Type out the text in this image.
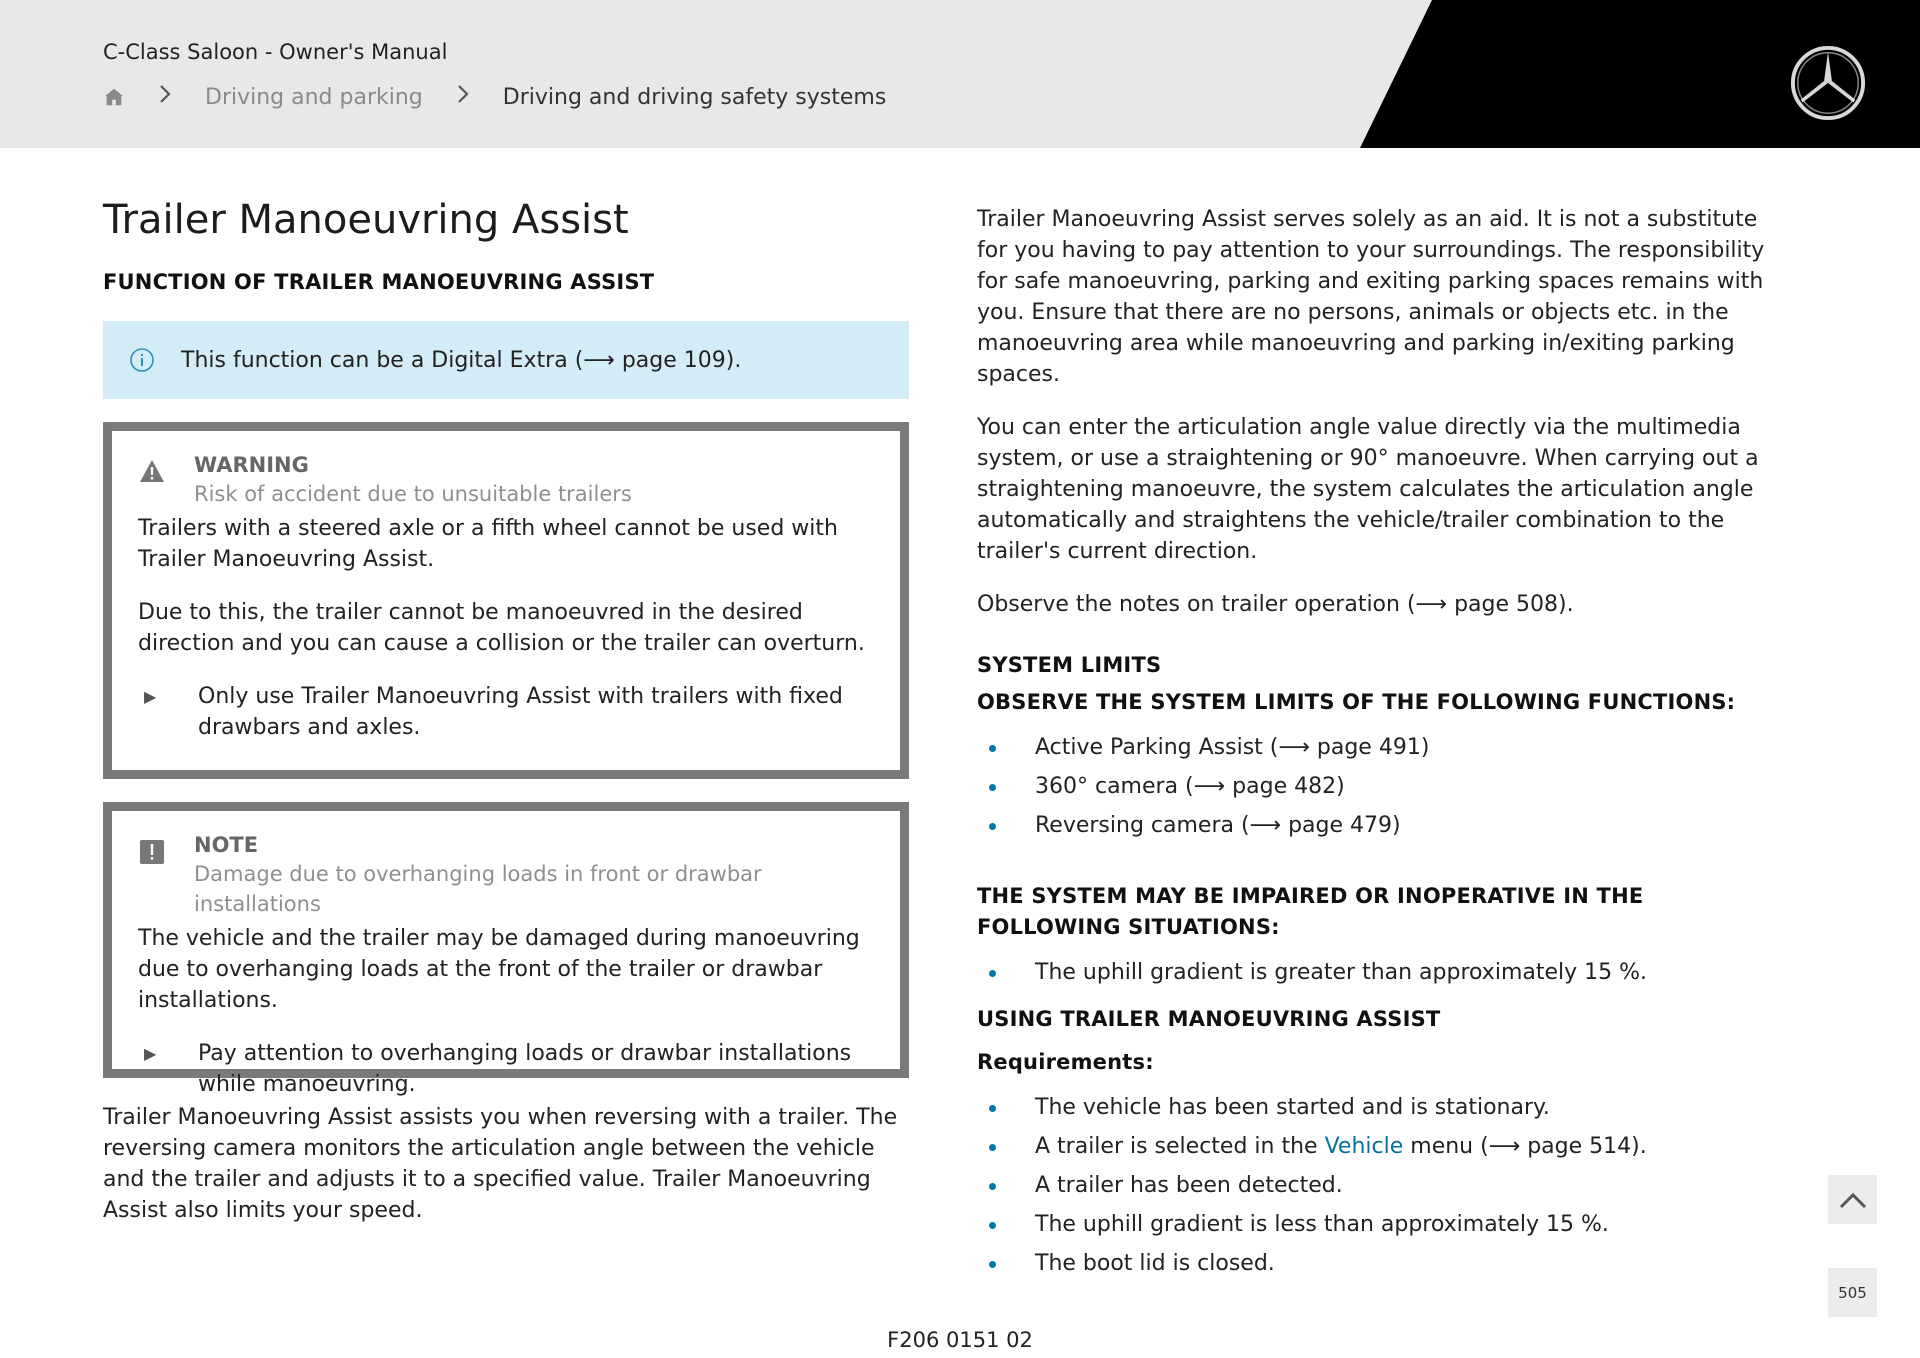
C-Class Saloon - Owner's Manual
Driving and parking	Driving and driving safety systems
Trailer Manoeuvring Assist
FUNCTION OF TRAILER MANOEUVRING ASSIST
This function can be a Digital Extra (⟶ page 109).
WARNING
Risk of accident due to unsuitable trailers

Trailers with a steered axle or a fifth wheel cannot be used with Trailer Manoeuvring Assist.

Due to this, the trailer cannot be manoeuvred in the desired direction and you can cause a collision or the trailer can overturn.

▶	Only use Trailer Manoeuvring Assist with trailers with fixed drawbars and axles.
NOTE
Damage due to overhanging loads in front or drawbar installations

The vehicle and the trailer may be damaged during manoeuvring due to overhanging loads at the front of the trailer or drawbar installations.

▶	Pay attention to overhanging loads or drawbar installations while manoeuvring.

Trailer Manoeuvring Assist assists you when reversing with a trailer. The reversing camera monitors the articulation angle between the vehicle and the trailer and adjusts it to a specified value. Trailer Manoeuvring Assist also limits your speed.

Trailer Manoeuvring Assist serves solely as an aid. It is not a substitute for you having to pay attention to your surroundings. The responsibility for safe manoeuvring, parking and exiting parking spaces remains with you. Ensure that there are no persons, animals or objects etc. in the manoeuvring area while manoeuvring and parking in/exiting parking spaces.

You can enter the articulation angle value directly via the multimedia system, or use a straightening or 90° manoeuvre. When carrying out a straightening manoeuvre, the system calculates the articulation angle automatically and straightens the vehicle/trailer combination to the trailer's current direction.

Observe the notes on trailer operation (⟶ page 508).

SYSTEM LIMITS
OBSERVE THE SYSTEM LIMITS OF THE FOLLOWING FUNCTIONS:
Active Parking Assist (⟶ page 491)
360° camera (⟶ page 482)
Reversing camera (⟶ page 479)
THE SYSTEM MAY BE IMPAIRED OR INOPERATIVE IN THE FOLLOWING SITUATIONS:
The uphill gradient is greater than approximately 15 %.
USING TRAILER MANOEUVRING ASSIST
Requirements:
The vehicle has been started and is stationary.
A trailer is selected in the Vehicle menu (⟶ page 514).
A trailer has been detected.
The uphill gradient is less than approximately 15 %.
The boot lid is closed.
505
F206 0151 02
